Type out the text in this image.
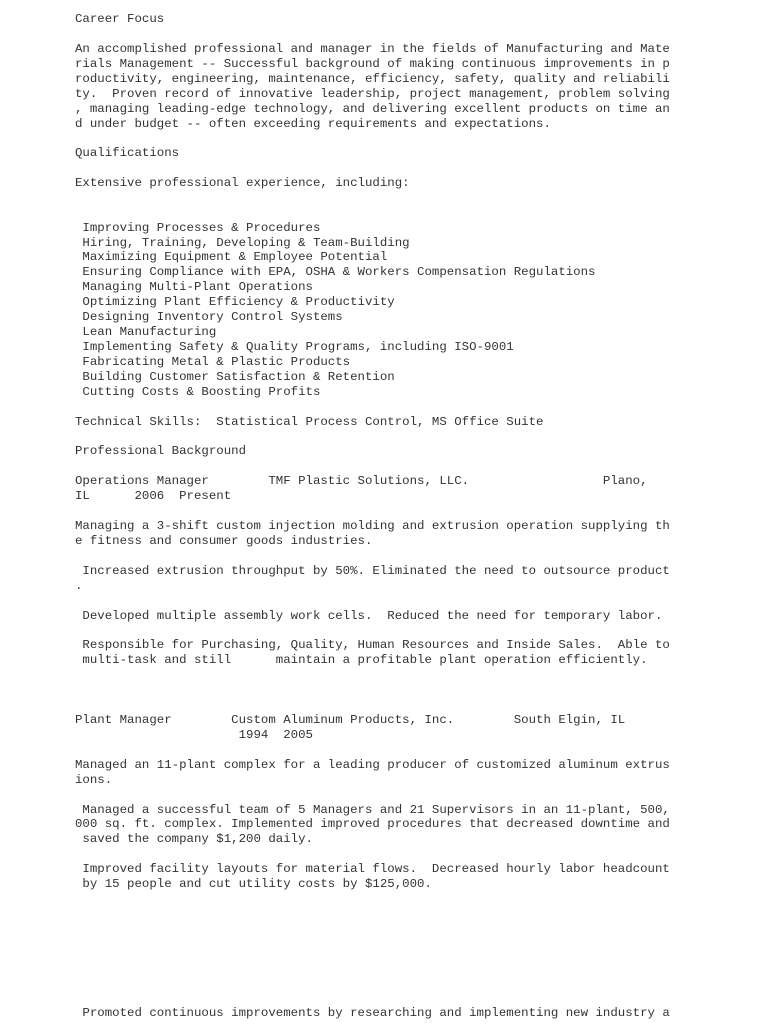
Career Focus
An accomplished professional and manager in the fields of Manufacturing and Mate
rials Management -- Successful background of making continuous improvements in p
roductivity, engineering, maintenance, efficiency, safety, quality and reliabili
ty.  Proven record of innovative leadership, project management, problem solving
, managing leading-edge technology, and delivering excellent products on time an
d under budget -- often exceeding requirements and expectations.
Qualifications
Extensive professional experience, including:
Improving Processes & Procedures
Hiring, Training, Developing & Team-Building
Maximizing Equipment & Employee Potential
Ensuring Compliance with EPA, OSHA & Workers Compensation Regulations
Managing Multi-Plant Operations
Optimizing Plant Efficiency & Productivity
Designing Inventory Control Systems
Lean Manufacturing
Implementing Safety & Quality Programs, including ISO-9001
Fabricating Metal & Plastic Products
Building Customer Satisfaction & Retention
Cutting Costs & Boosting Profits
Technical Skills:  Statistical Process Control, MS Office Suite
Professional Background
Operations Manager        TMF Plastic Solutions, LLC.                  Plano,
IL      2006  Present
Managing a 3-shift custom injection molding and extrusion operation supplying th
e fitness and consumer goods industries.
Increased extrusion throughput by 50%. Eliminated the need to outsource product
.
Developed multiple assembly work cells.  Reduced the need for temporary labor.
Responsible for Purchasing, Quality, Human Resources and Inside Sales.  Able to
multi-task and still      maintain a profitable plant operation efficiently.
Plant Manager        Custom Aluminum Products, Inc.        South Elgin, IL
1994  2005
Managed an 11-plant complex for a leading producer of customized aluminum extrus
ions.
Managed a successful team of 5 Managers and 21 Supervisors in an 11-plant, 500,
000 sq. ft. complex. Implemented improved procedures that decreased downtime and
saved the company $1,200 daily.
Improved facility layouts for material flows.  Decreased hourly labor headcount
by 15 people and cut utility costs by $125,000.
Promoted continuous improvements by researching and implementing new industry a
